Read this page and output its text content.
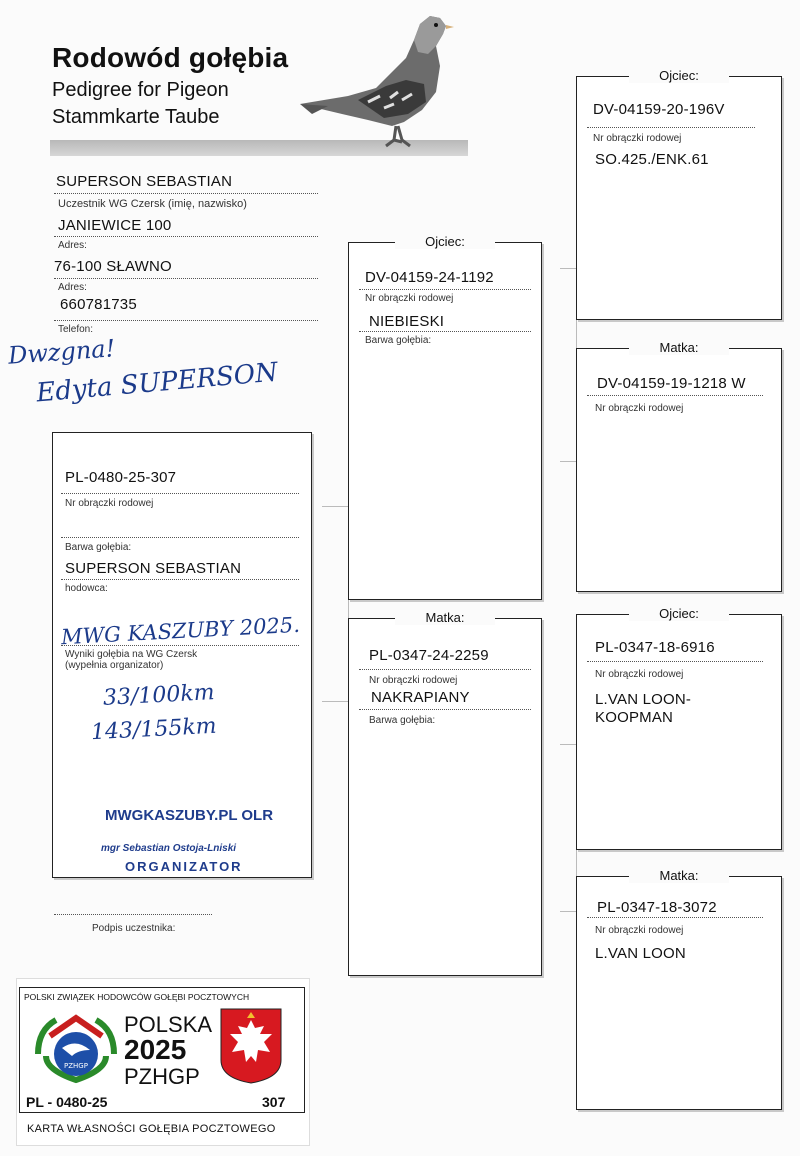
Rodowód gołębia
Pedigree for Pigeon
Stammkarte Taube
SUPERSON SEBASTIAN
Uczestnik WG Czersk (imię, nazwisko)
JANIEWICE 100
Adres:
76-100 SŁAWNO
Adres:
660781735
Telefon:
Dwzgna!
Edyta SUPERSON
PL-0480-25-307
Nr obrączki rodowej
Barwa gołębia:
SUPERSON SEBASTIAN
hodowca:
MWG KASZUBY 2025.
Wyniki gołębia na WG Czersk
(wypełnia organizator)
33/100km
143/155km
MWGKASZUBY.PL OLR
mgr Sebastian Ostoja-Lniski
ORGANIZATOR
Podpis uczestnika:
Ojciec:
DV-04159-24-1192
Nr obrączki rodowej
NIEBIESKI
Barwa gołębia:
Matka:
PL-0347-24-2259
Nr obrączki rodowej
NAKRAPIANY
Barwa gołębia:
Ojciec:
DV-04159-20-196V
Nr obrączki rodowej
SO.425./ENK.61
Matka:
DV-04159-19-1218 W
Nr obrączki rodowej
Ojciec:
PL-0347-18-6916
Nr obrączki rodowej
L.VAN LOON-
KOOPMAN
Matka:
PL-0347-18-3072
Nr obrączki rodowej
L.VAN LOON
POLSKI ZWIĄZEK HODOWCÓW GOŁĘBI POCZTOWYCH
PZHGP
POLSKA
2025
PZHGP
PL - 0480-25	307
KARTA WŁASNOŚCI GOŁĘBIA POCZTOWEGO
